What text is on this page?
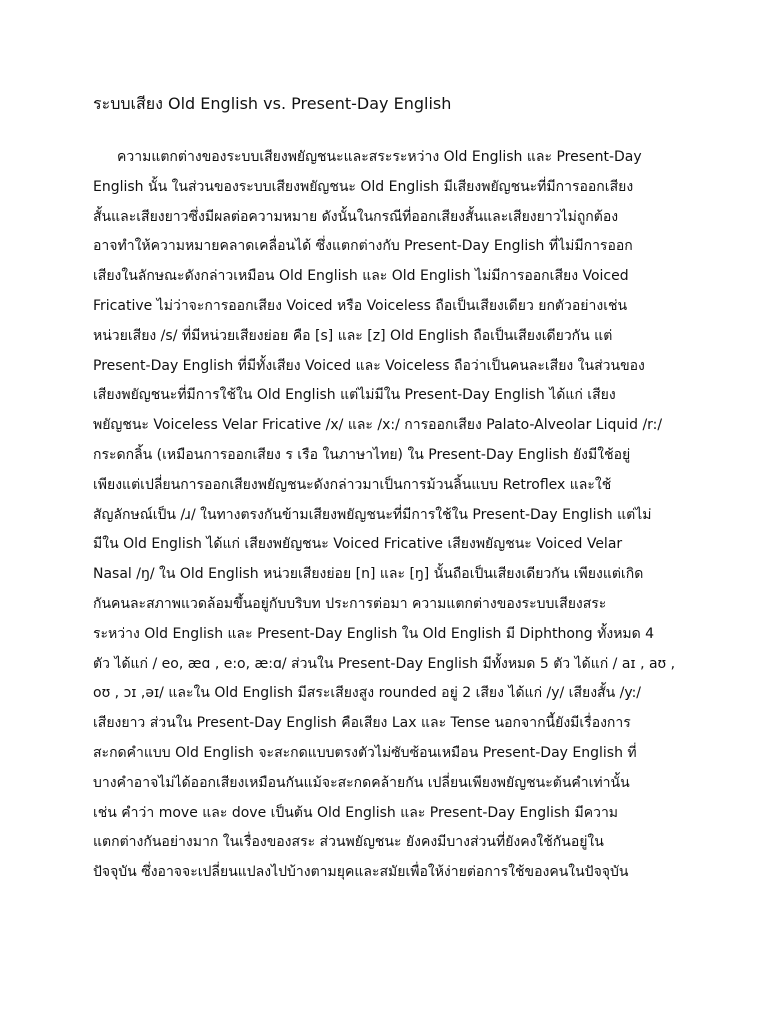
ระบบเสียง Old English vs. Present-Day English
ความแตกต่างของระบบเสียงพยัญชนะและสระระหว่าง Old English และ Present-Day
English นั้น ในส่วนของระบบเสียงพยัญชนะ Old English มีเสียงพยัญชนะที่มีการออกเสียง
สั้นและเสียงยาวซึ่งมีผลต่อความหมาย ดังนั้นในกรณีที่ออกเสียงสั้นและเสียงยาวไม่ถูกต้อง
อาจทำให้ความหมายคลาดเคลื่อนได้ ซึ่งแตกต่างกับ Present-Day English ที่ไม่มีการออก
เสียงในลักษณะดังกล่าวเหมือน Old English และ Old English ไม่มีการออกเสียง Voiced
Fricative ไม่ว่าจะการออกเสียง Voiced หรือ Voiceless ถือเป็นเสียงเดียว ยกตัวอย่างเช่น
หน่วยเสียง /s/ ที่มีหน่วยเสียงย่อย คือ [s] และ [z] Old English ถือเป็นเสียงเดียวกัน แต่
Present-Day English ที่มีทั้งเสียง Voiced และ Voiceless ถือว่าเป็นคนละเสียง ในส่วนของ
เสียงพยัญชนะที่มีการใช้ใน Old English แต่ไม่มีใน Present-Day English ได้แก่ เสียง
พยัญชนะ Voiceless Velar Fricative /x/ และ /x:/ การออกเสียง Palato-Alveolar Liquid /r:/
กระดกลิ้น (เหมือนการออกเสียง ร เรือ ในภาษาไทย) ใน Present-Day English ยังมีใช้อยู่
เพียงแต่เปลี่ยนการออกเสียงพยัญชนะดังกล่าวมาเป็นการม้วนลิ้นแบบ Retroflex และใช้
สัญลักษณ์เป็น /ɹ/ ในทางตรงกันข้ามเสียงพยัญชนะที่มีการใช้ใน Present-Day English แต่ไม่
มีใน Old English ได้แก่ เสียงพยัญชนะ Voiced Fricative เสียงพยัญชนะ Voiced Velar
Nasal /ŋ/ ใน Old English หน่วยเสียงย่อย [n] และ [ŋ] นั้นถือเป็นเสียงเดียวกัน เพียงแต่เกิด
กันคนละสภาพแวดล้อมขึ้นอยู่กับบริบท ประการต่อมา ความแตกต่างของระบบเสียงสระ
ระหว่าง Old English และ Present-Day English ใน Old English มี Diphthong ทั้งหมด 4
ตัว ได้แก่ / eo, æɑ , e:o, æ:ɑ/ ส่วนใน Present-Day English มีทั้งหมด 5 ตัว ได้แก่ / aɪ , aʊ ,
oʊ , ɔɪ ,əɪ/ และใน Old English มีสระเสียงสูง rounded อยู่ 2 เสียง ได้แก่ /y/ เสียงสั้น /y:/
เสียงยาว ส่วนใน Present-Day English คือเสียง Lax และ Tense นอกจากนี้ยังมีเรื่องการ
สะกดคำแบบ Old English จะสะกดแบบตรงตัวไม่ซับซ้อนเหมือน Present-Day English ที่
บางคำอาจไม่ได้ออกเสียงเหมือนกันแม้จะสะกดคล้ายกัน เปลี่ยนเพียงพยัญชนะต้นคำเท่านั้น
เช่น คำว่า move และ dove เป็นต้น Old English และ Present-Day English มีความ
แตกต่างกันอย่างมาก ในเรื่องของสระ ส่วนพยัญชนะ ยังคงมีบางส่วนที่ยังคงใช้กันอยู่ใน
ปัจจุบัน ซึ่งอาจจะเปลี่ยนแปลงไปบ้างตามยุคและสมัยเพื่อให้ง่ายต่อการใช้ของคนในปัจจุบัน
